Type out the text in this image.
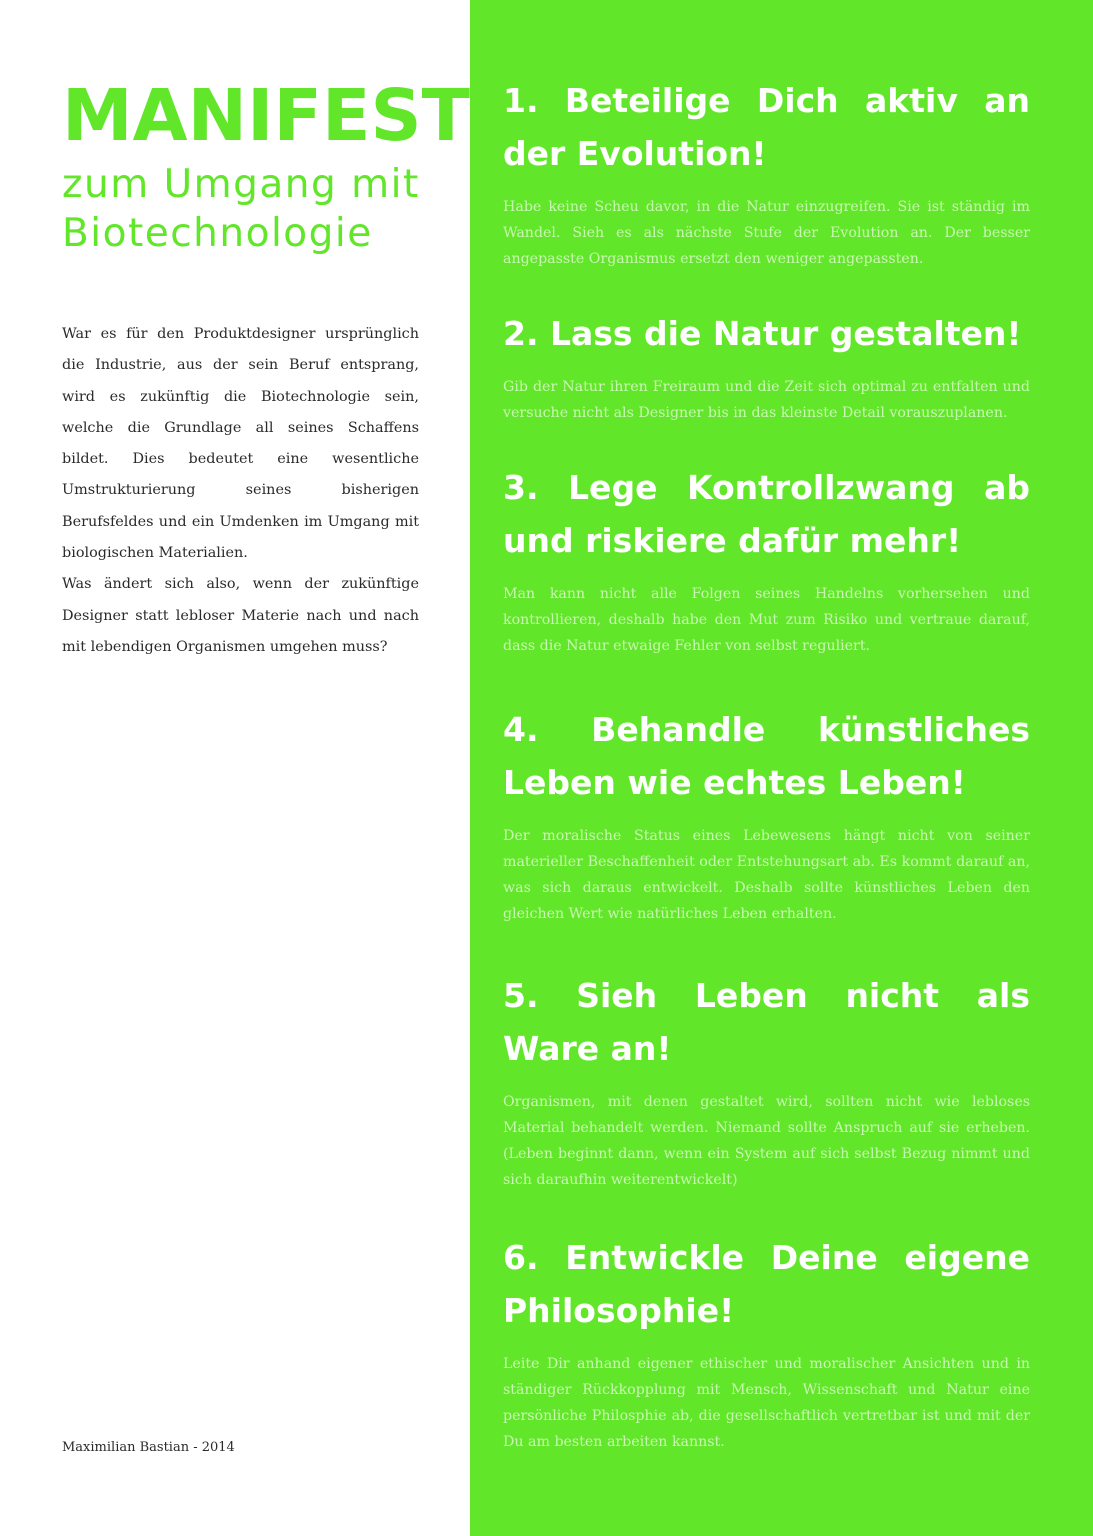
MANIFEST
zum Umgang mit
Biotechnologie

War es für den Produktdesigner ursprünglich die Industrie, aus der sein Beruf entsprang, wird es zukünftig die Biotechnologie sein, welche die Grundlage all seines Schaffens bildet. Dies bedeutet eine wesentliche Umstrukturierung seines bisherigen Berufsfeldes und ein Umdenken im Umgang mit biologischen Materialien.

Was ändert sich also, wenn der zukünftige Designer statt lebloser Materie nach und nach mit lebendigen Organismen umgehen muss?

Maximilian Bastian - 2014
1. Beteilige Dich aktiv an der Evolution!

Habe keine Scheu davor, in die Natur einzugreifen. Sie ist ständig im Wandel. Sieh es als nächste Stufe der Evolution an. Der besser angepasste Organismus ersetzt den weniger angepassten.

2. Lass die Natur gestalten!

Gib der Natur ihren Freiraum und die Zeit sich optimal zu entfalten und versuche nicht als Designer bis in das kleinste Detail vorauszuplanen.

3. Lege Kontrollzwang ab und riskiere dafür mehr!

Man kann nicht alle Folgen seines Handelns vorhersehen und kontrollieren, deshalb habe den Mut zum Risiko und vertraue darauf, dass die Natur etwaige Fehler von selbst reguliert.

4. Behandle künstliches Leben wie echtes Leben!

Der moralische Status eines Lebewesens hängt nicht von seiner materieller Beschaffenheit oder Entstehungsart ab. Es kommt darauf an, was sich daraus entwickelt. Deshalb sollte künstliches Leben den gleichen Wert wie natürliches Leben erhalten.

5. Sieh Leben nicht als Ware an!

Organismen, mit denen gestaltet wird, sollten nicht wie lebloses Material behandelt werden. Niemand sollte Anspruch auf sie erheben. (Leben beginnt dann, wenn ein System auf sich selbst Bezug nimmt und sich daraufhin weiterentwickelt)

6. Entwickle Deine eigene Philosophie!

Leite Dir anhand eigener ethischer und moralischer Ansichten und in ständiger Rückkopplung mit Mensch, Wissenschaft und Natur eine persönliche Philosphie ab, die gesellschaftlich vertretbar ist und mit der Du am besten arbeiten kannst.
